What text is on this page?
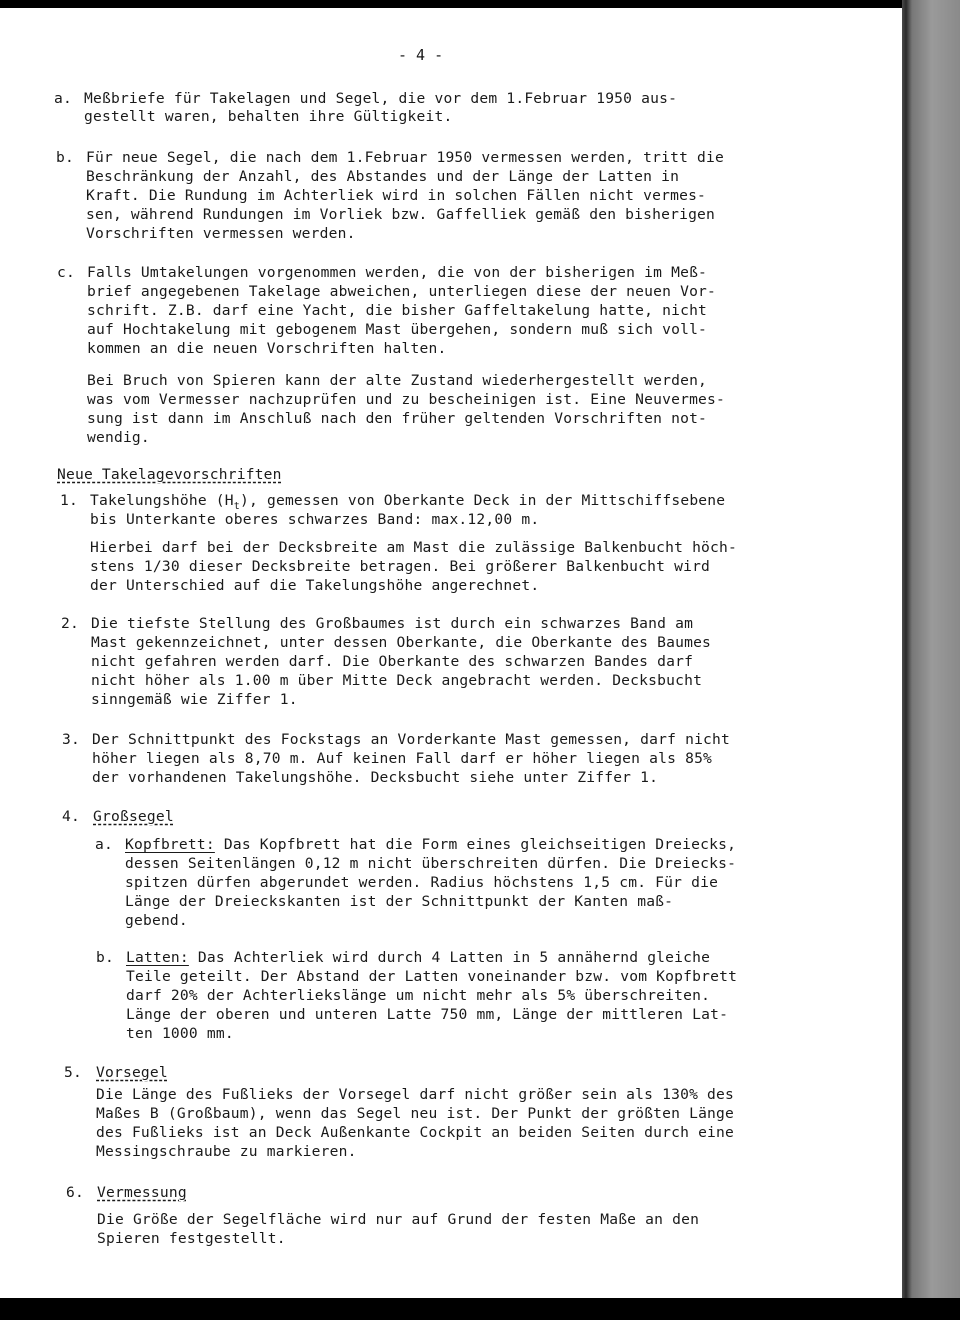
- 4 -
a. Meßbriefe für Takelagen und Segel, die vor dem 1.Februar 1950 aus-
gestellt waren, behalten ihre Gültigkeit.
b. Für neue Segel, die nach dem 1.Februar 1950 vermessen werden, tritt die
Beschränkung der Anzahl, des Abstandes und der Länge der Latten in
Kraft. Die Rundung im Achterliek wird in solchen Fällen nicht vermes-
sen, während Rundungen im Vorliek bzw. Gaffelliek gemäß den bisherigen
Vorschriften vermessen werden.
c. Falls Umtakelungen vorgenommen werden, die von der bisherigen im Meß-
brief angegebenen Takelage abweichen, unterliegen diese der neuen Vor-
schrift. Z.B. darf eine Yacht, die bisher Gaffeltakelung hatte, nicht
auf Hochtakelung mit gebogenem Mast übergehen, sondern muß sich voll-
kommen an die neuen Vorschriften halten.
Bei Bruch von Spieren kann der alte Zustand wiederhergestellt werden,
was vom Vermesser nachzuprüfen und zu bescheinigen ist. Eine Neuvermes-
sung ist dann im Anschluß nach den früher geltenden Vorschriften not-
wendig.
Neue Takelagevorschriften
1. Takelungshöhe $(H_t)$, gemessen von Oberkante Deck in der Mittschiffsebene
bis Unterkante oberes schwarzes Band: max.12,00 m.
Hierbei darf bei der Decksbreite am Mast die zulässige Balkenbucht höch-
stens 1/30 dieser Decksbreite betragen. Bei größerer Balkenbucht wird
der Unterschied auf die Takelungshöhe angerechnet.
2. Die tiefste Stellung des Großbaumes ist durch ein schwarzes Band am
Mast gekennzeichnet, unter dessen Oberkante, die Oberkante des Baumes
nicht gefahren werden darf. Die Oberkante des schwarzen Bandes darf
nicht höher als 1.00 m über Mitte Deck angebracht werden. Decksbucht
sinngemäß wie Ziffer 1.
3. Der Schnittpunkt des Fockstags an Vorderkante Mast gemessen, darf nicht
höher liegen als 8,70 m. Auf keinen Fall darf er höher liegen als 85%
der vorhandenen Takelungshöhe. Decksbucht siehe unter Ziffer 1.
4. Großsegel
a. Kopfbrett: Das Kopfbrett hat die Form eines gleichseitigen Dreiecks,
dessen Seitenlängen 0,12 m nicht überschreiten dürfen. Die Dreiecks-
spitzen dürfen abgerundet werden. Radius höchstens 1,5 cm. Für die
Länge der Dreieckskanten ist der Schnittpunkt der Kanten maß-
gebend.
b. Latten: Das Achterliek wird durch 4 Latten in 5 annähernd gleiche
Teile geteilt. Der Abstand der Latten voneinander bzw. vom Kopfbrett
darf 20% der Achterliekslänge um nicht mehr als 5% überschreiten.
Länge der oberen und unteren Latte 750 mm, Länge der mittleren Lat-
ten 1000 mm.
5. Vorsegel
Die Länge des Fußlieks der Vorsegel darf nicht größer sein als 130% des
Maßes B (Großbaum), wenn das Segel neu ist. Der Punkt der größten Länge
des Fußlieks ist an Deck Außenkante Cockpit an beiden Seiten durch eine
Messingschraube zu markieren.
6. Vermessung
Die Größe der Segelfläche wird nur auf Grund der festen Maße an den
Spieren festgestellt.
